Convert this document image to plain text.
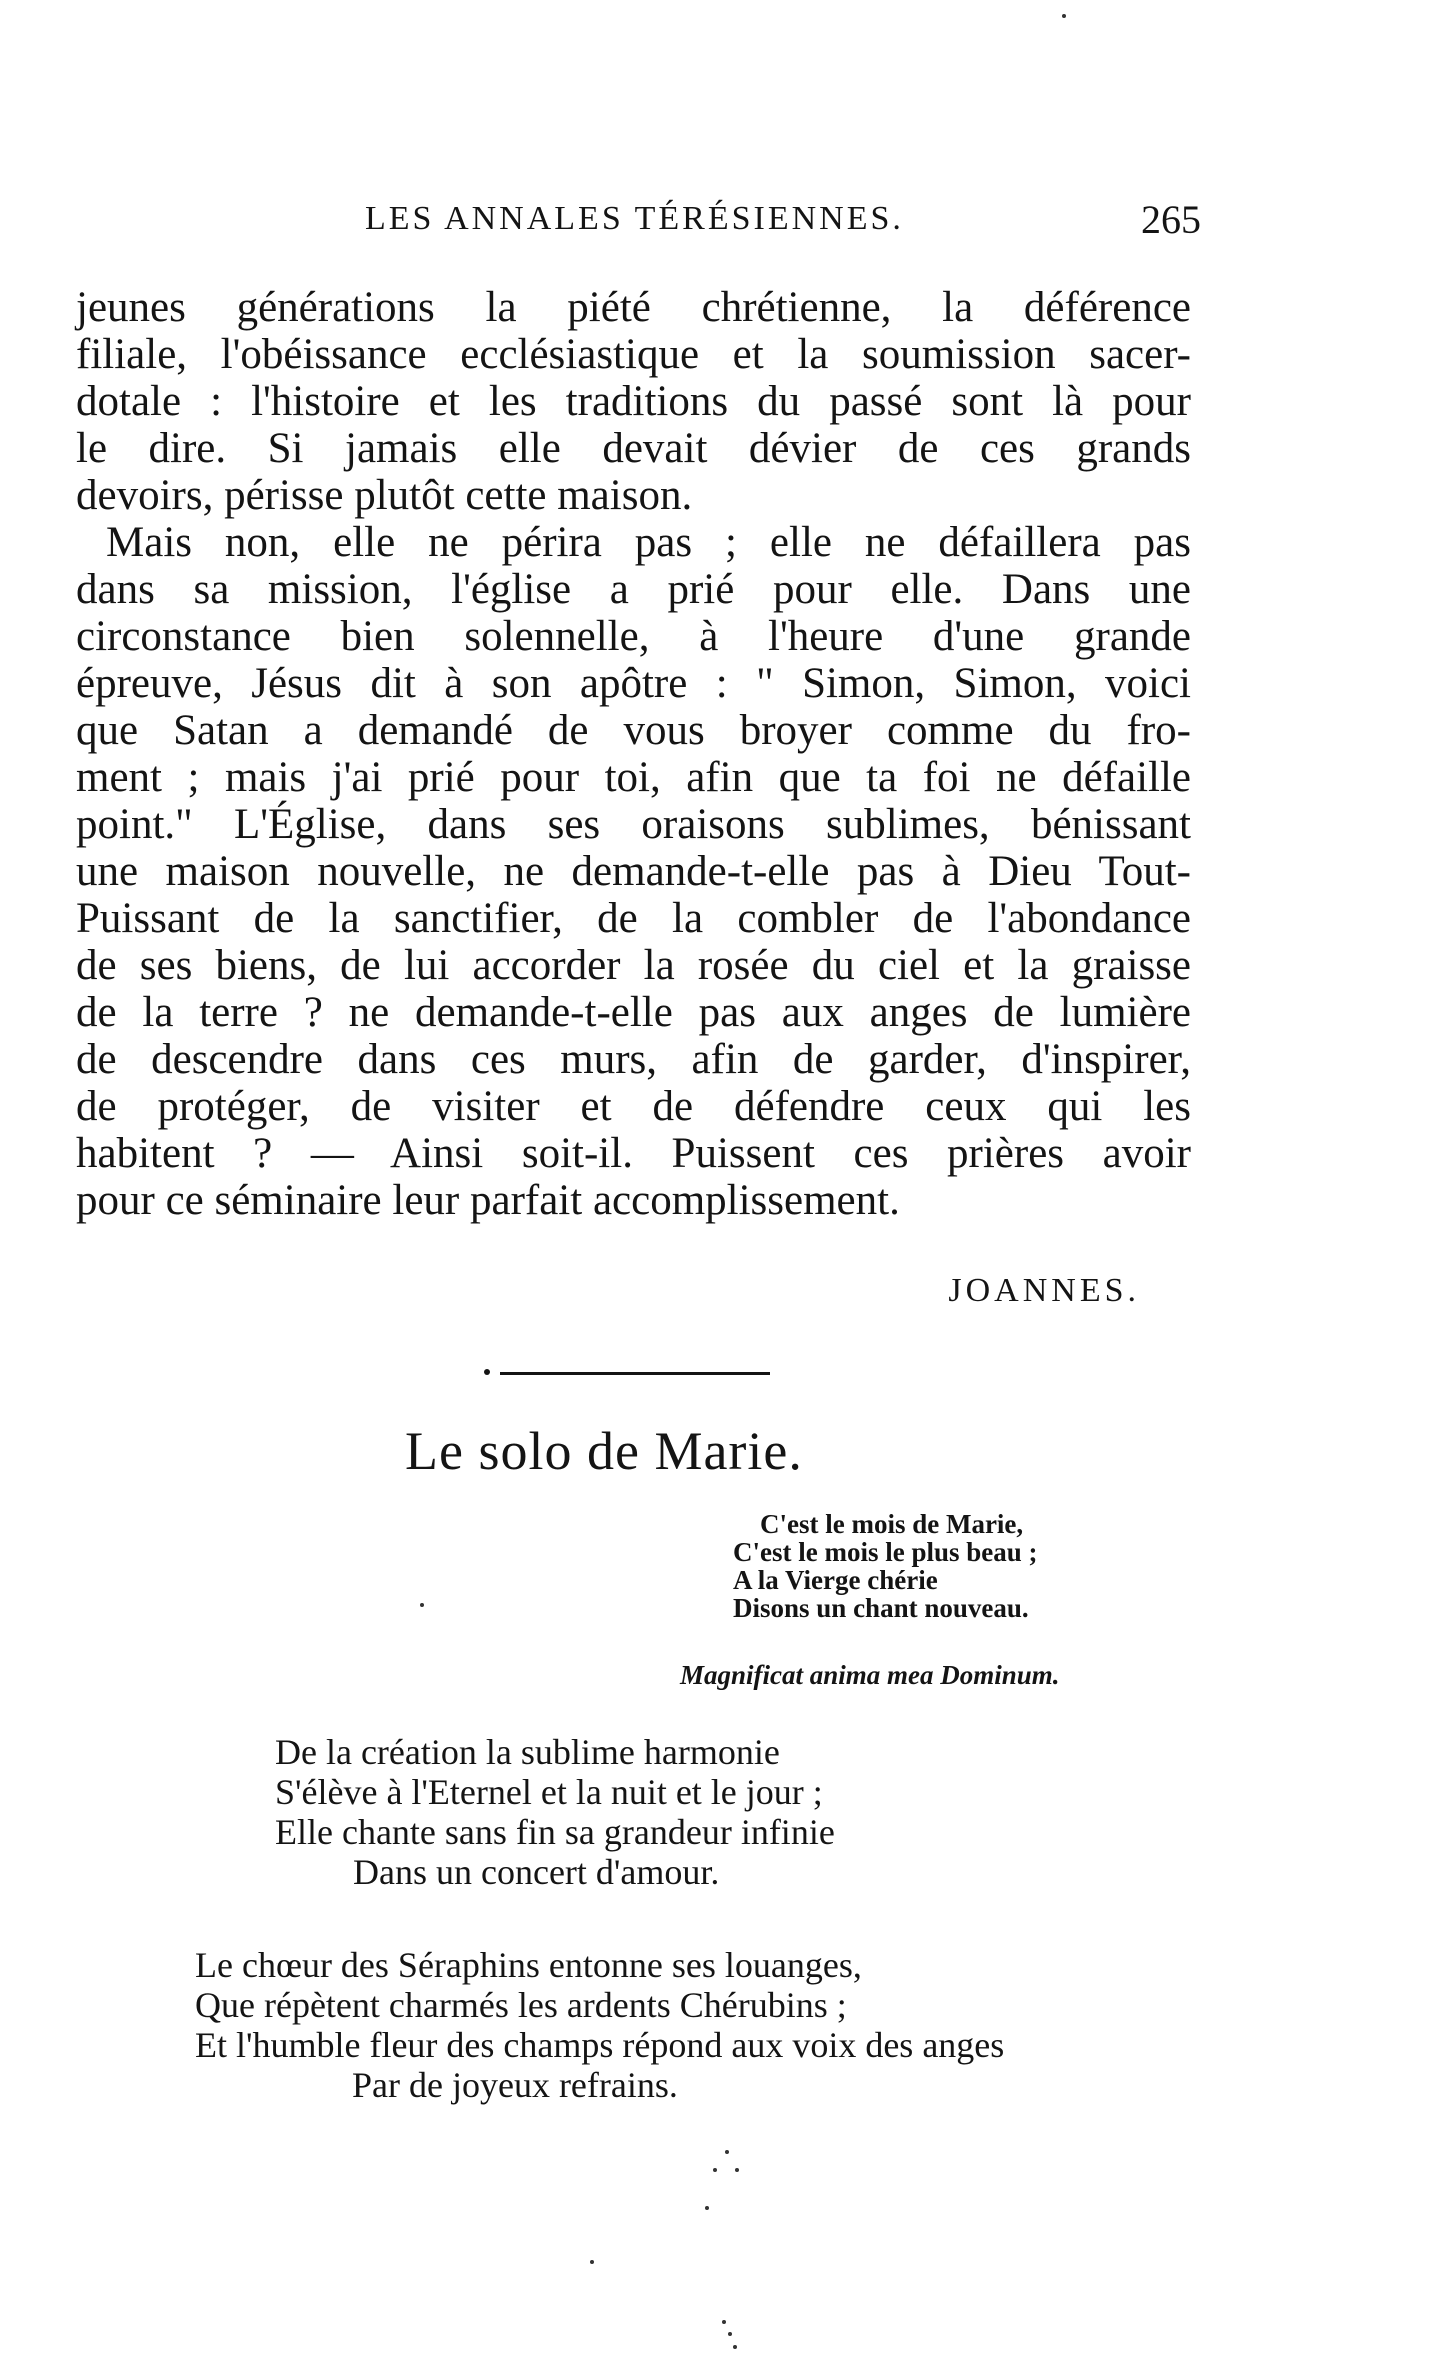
LES ANNALES TÉRÉSIENNES.	265
jeunes générations la piété chrétienne, la déférence
filiale, l'obéissance ecclésiastique et la soumission sacer-
dotale : l'histoire et les traditions du passé sont là pour
le dire. Si jamais elle devait dévier de ces grands
devoirs, périsse plutôt cette maison.
Mais non, elle ne périra pas ; elle ne défaillera pas
dans sa mission, l'église a prié pour elle. Dans une
circonstance bien solennelle, à l'heure d'une grande
épreuve, Jésus dit à son apôtre : " Simon, Simon, voici
que Satan a demandé de vous broyer comme du fro-
ment ; mais j'ai prié pour toi, afin que ta foi ne défaille
point." L'Église, dans ses oraisons sublimes, bénissant
une maison nouvelle, ne demande-t-elle pas à Dieu Tout-
Puissant de la sanctifier, de la combler de l'abondance
de ses biens, de lui accorder la rosée du ciel et la graisse
de la terre ? ne demande-t-elle pas aux anges de lumière
de descendre dans ces murs, afin de garder, d'inspirer,
de protéger, de visiter et de défendre ceux qui les
habitent ? — Ainsi soit-il. Puissent ces prières avoir
pour ce séminaire leur parfait accomplissement.
JOANNES.
Le solo de Marie.
C'est le mois de Marie,
C'est le mois le plus beau ;
A la Vierge chérie
Disons un chant nouveau.
Magnificat anima mea Dominum.
De la création la sublime harmonie
S'élève à l'Eternel et la nuit et le jour ;
Elle chante sans fin sa grandeur infinie
Dans un concert d'amour.
Le chœur des Séraphins entonne ses louanges,
Que répètent charmés les ardents Chérubins ;
Et l'humble fleur des champs répond aux voix des anges
Par de joyeux refrains.
